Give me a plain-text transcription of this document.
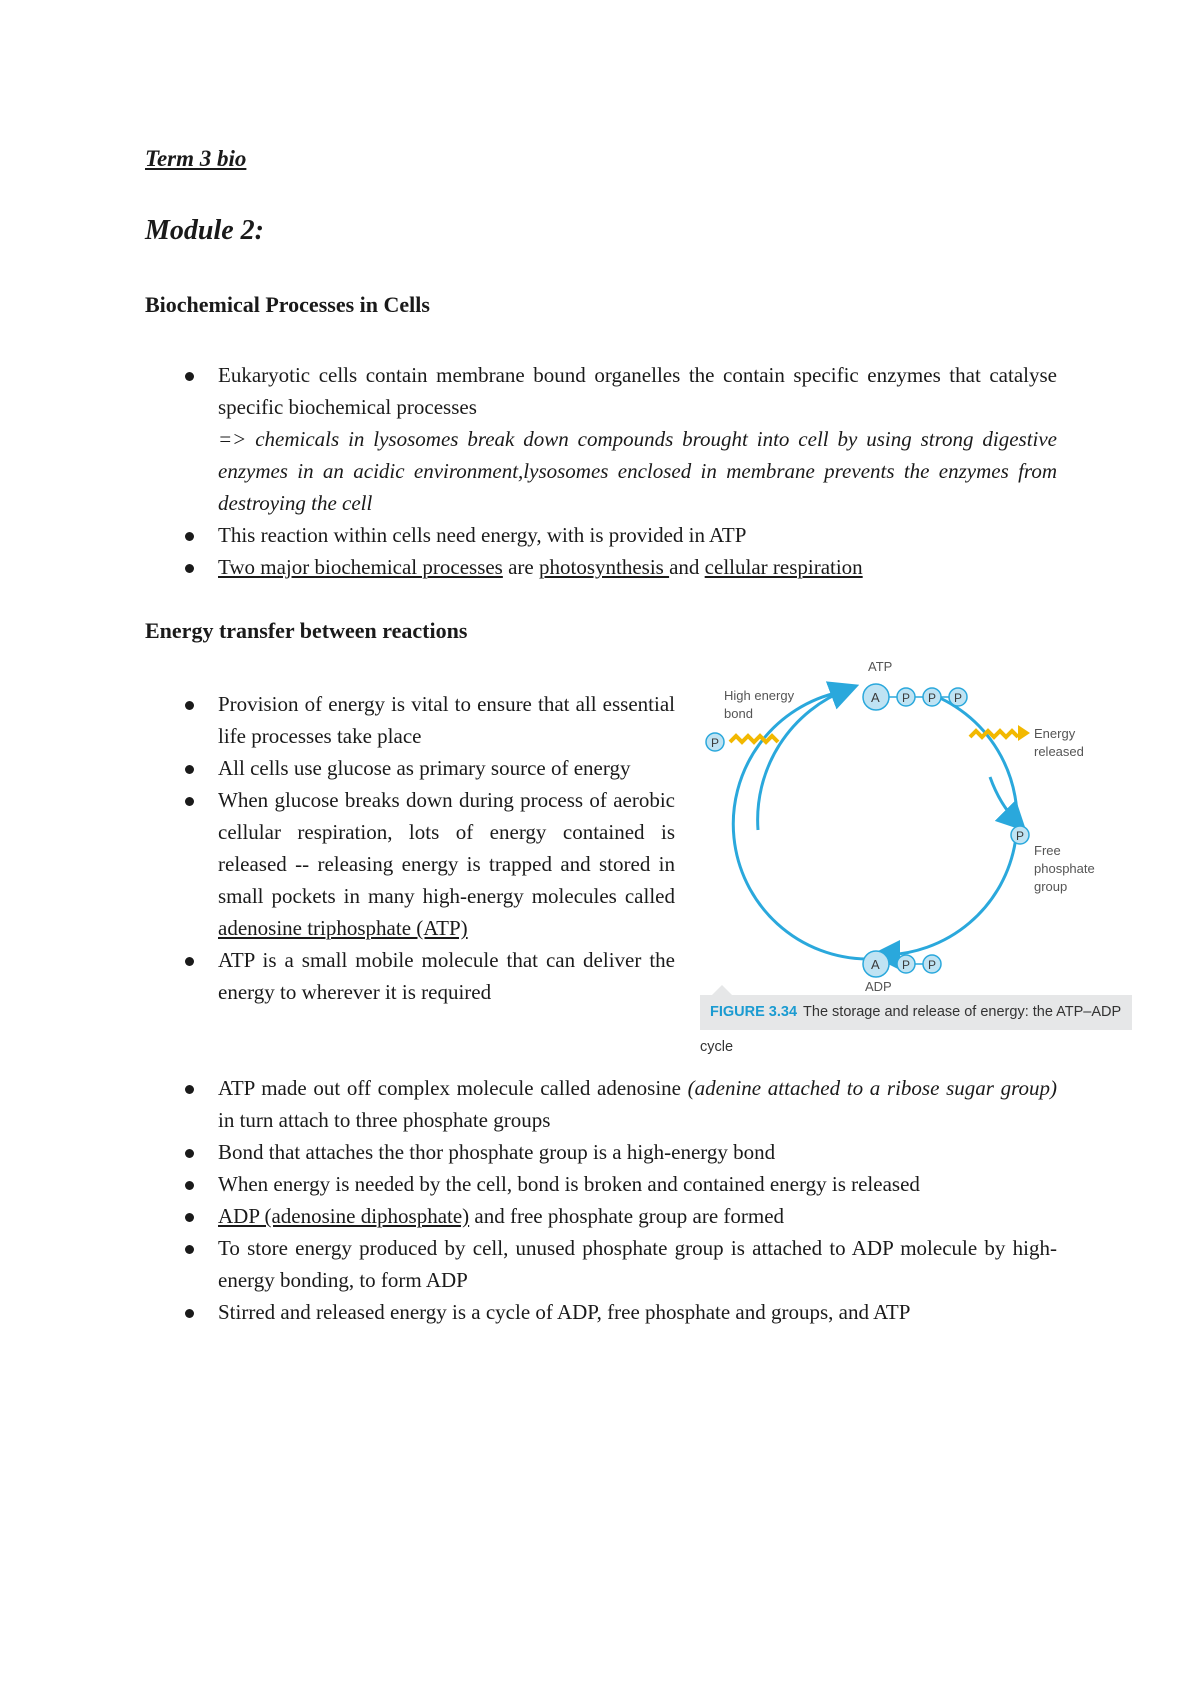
Term 3 bio
Module 2:
Biochemical Processes in Cells
Eukaryotic cells contain membrane bound organelles the contain specific enzymes that catalyse specific biochemical processes
=> chemicals in lysosomes break down compounds brought into cell by using strong digestive enzymes in an acidic environment,lysosomes enclosed in membrane prevents the enzymes from destroying the cell
This reaction within cells need energy, with is provided in ATP
Two major biochemical processes are photosynthesis and cellular respiration
Energy transfer between reactions
Provision of energy is vital to ensure that all essential life processes take place
All cells use glucose as primary source of energy
When glucose breaks down during process of aerobic cellular respiration, lots of energy contained is released -- releasing energy is trapped and stored in small pockets in many high-energy molecules called adenosine triphosphate (ATP)
ATP is a small mobile molecule that can deliver the energy to wherever it is required
ATP made out off complex molecule called adenosine (adenine attached to a ribose sugar group) in turn attach to three phosphate groups
Bond that attaches the thor phosphate group is a high-energy bond
When energy is needed by the cell, bond is broken and contained energy is released
ADP (adenosine diphosphate) and free phosphate group are formed
To store energy produced by cell, unused phosphate group is attached to ADP molecule by high-energy bonding, to form ADP
Stirred and released energy is a cycle of ADP, free phosphate and groups, and ATP
ATP
A P P P
P
High energy
bond
Energy
released
P
Free
phosphate
group
A P P
ADP
FIGURE 3.34 The storage and release of energy: the ATP–ADP cycle
